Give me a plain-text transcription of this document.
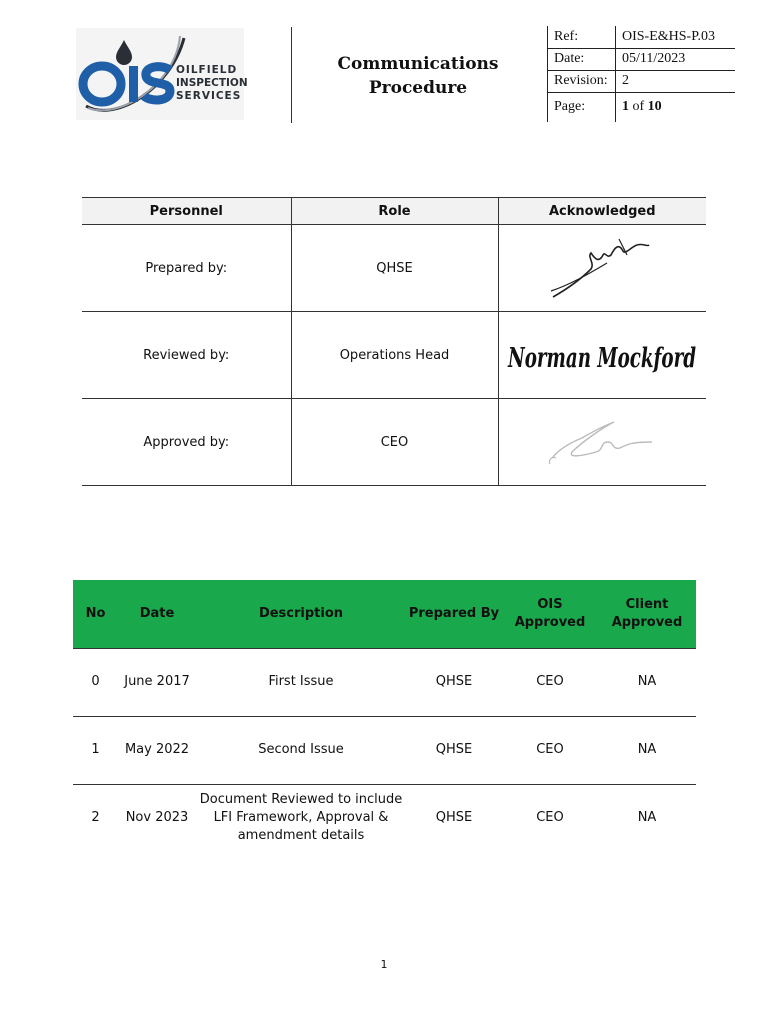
OILFIELD
INSPECTION
SERVICES
Communications
Procedure
Ref:	OIS-E&HS-P.03
Date:	05/11/2023
Revision:	2
Page:	1 of 10
Personnel	Role	Acknowledged
Prepared by:	QHSE	

Reviewed by:	Operations Head	Norman Mockford

Approved by:	CEO	
No	Date	Description	Prepared By	OIS Approved	Client Approved
0	June 2017	First Issue	QHSE	CEO	NA
1	May 2022	Second Issue	QHSE	CEO	NA
2	Nov 2023	Document Reviewed to include LFI Framework, Approval & amendment details	QHSE	CEO	NA
1
